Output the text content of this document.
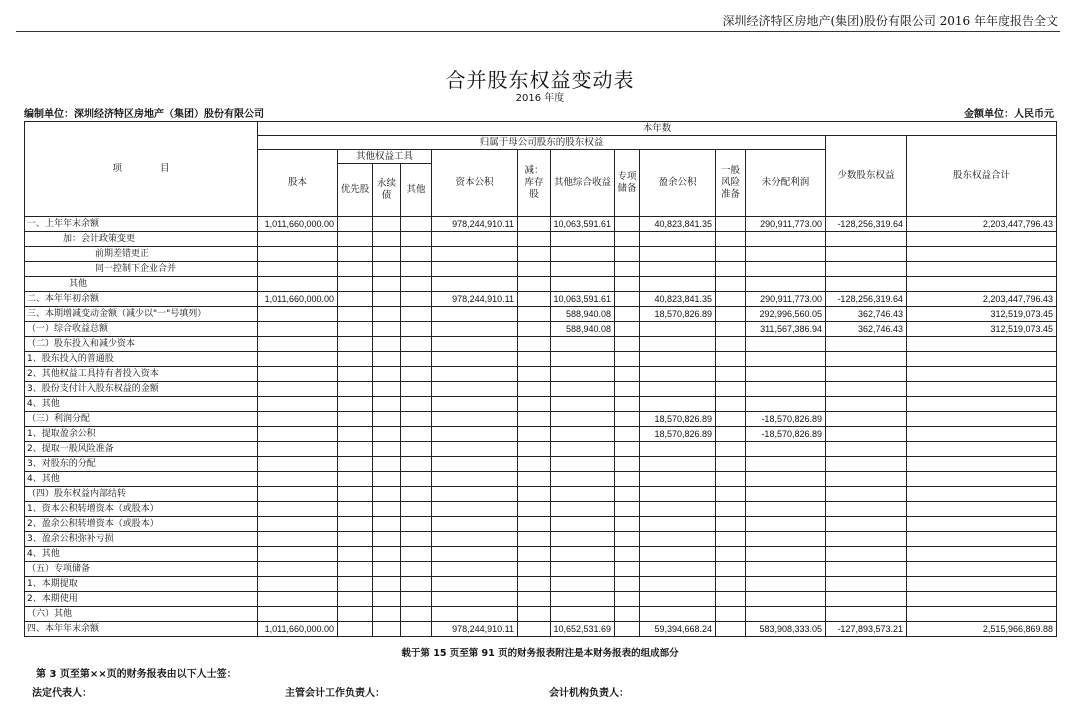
深圳经济特区房地产(集团)股份有限公司 2016 年年度报告全文
合并股东权益变动表
2016 年度
编制单位：深圳经济特区房地产（集团）股份有限公司	金额单位：人民币元
项　　　　目	本年数												
	归属于母公司股东的股东权益											少数股东权益	股东权益合计
	股本	其他权益工具			资本公积	减：库存股	其他综合收益	专项储备	盈余公积	一般风险准备	未分配利润		
		优先股	永续债	其他									
一、上年年末余额	1,011,660,000.00				978,244,910.11		10,063,591.61		40,823,841.35		290,911,773.00	-128,256,319.64	2,203,447,796.43
加：会计政策变更													
前期差错更正													
同一控制下企业合并													
其他													
二、本年年初余额	1,011,660,000.00				978,244,910.11		10,063,591.61		40,823,841.35		290,911,773.00	-128,256,319.64	2,203,447,796.43
三、本期增减变动金额（减少以"一"号填列）							588,940.08		18,570,826.89		292,996,560.05	362,746.43	312,519,073.45
（一）综合收益总额							588,940.08				311,567,386.94	362,746.43	312,519,073.45
（二）股东投入和减少资本													
1、股东投入的普通股													
2、其他权益工具持有者投入资本													
3、股份支付计入股东权益的金额													
4、其他													
（三）利润分配									18,570,826.89		-18,570,826.89		
1、提取盈余公积									18,570,826.89		-18,570,826.89		
2、提取一般风险准备													
3、对股东的分配													
4、其他													
（四）股东权益内部结转													
1、资本公积转增资本（或股本）													
2、盈余公积转增资本（或股本）													
3、盈余公积弥补亏损													
4、其他													
（五）专项储备													
1、本期提取													
2、本期使用													
（六）其他													
四、本年年末余额	1,011,660,000.00				978,244,910.11		10,652,531.69		59,394,668.24		583,908,333.05	-127,893,573.21	2,515,966,869.88
载于第 15 页至第 91 页的财务报表附注是本财务报表的组成部分
第 3 页至第××页的财务报表由以下人士签：
法定代表人：	主管会计工作负责人：	会计机构负责人：
